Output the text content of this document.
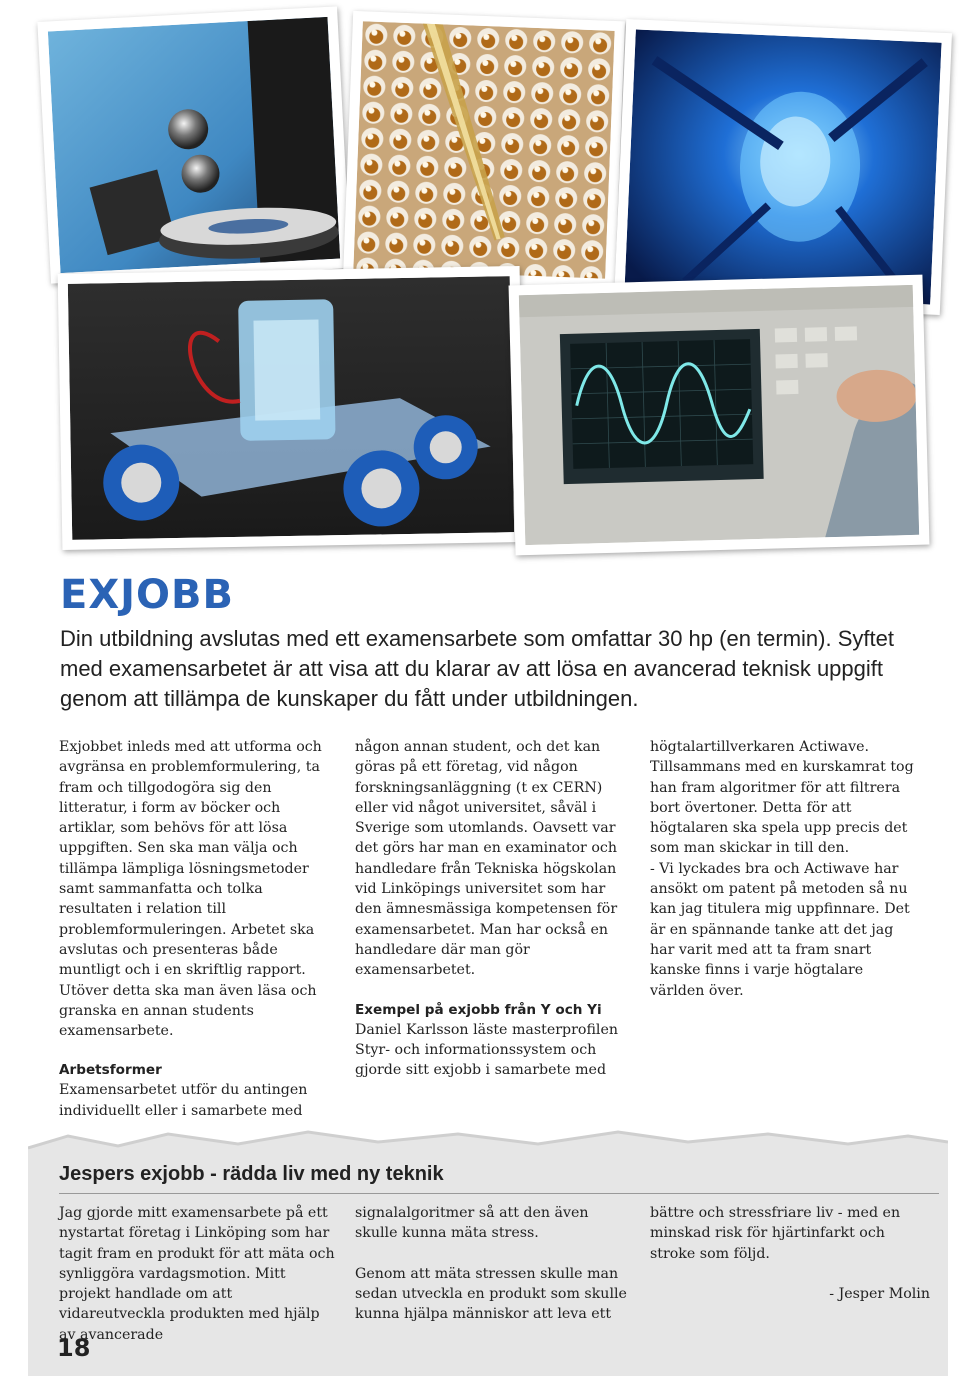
EXJOBB

Din utbildning avslutas med ett examensarbete som omfattar 30 hp (en termin). Syftet med examensarbetet är att visa att du klarar av att lösa en avancerad teknisk uppgift genom att tillämpa de kunskaper du fått under utbildningen.

Exjobbet inleds med att utforma och avgränsa en problemformulering, ta fram och tillgodogöra sig den litteratur, i form av böcker och artiklar, som behövs för att lösa uppgiften. Sen ska man välja och tillämpa lämpliga lösningsmetoder samt sammanfatta och tolka resultaten i relation till problemformuleringen. Arbetet ska avslutas och presenteras både muntligt och i en skriftlig rapport. Utöver detta ska man även läsa och granska en annan students examensarbete.

Arbetsformer

Examensarbetet utför du antingen individuellt eller i samarbete med

någon annan student, och det kan göras på ett företag, vid någon forskningsanläggning (t ex CERN) eller vid något universitet, såväl i Sverige som utomlands. Oavsett var det görs har man en examinator och handledare från Tekniska högskolan vid Linköpings universitet som har den ämnesmässiga kompetensen för examensarbetet. Man har också en handledare där man gör examensarbetet.

Exempel på exjobb från Y och Yi

Daniel Karlsson läste masterprofilen Styr- och informationssystem och gjorde sitt exjobb i samarbete med

högtalartillverkaren Actiwave. Tillsammans med en kurskamrat tog han fram algoritmer för att filtrera bort övertoner. Detta för att högtalaren ska spela upp precis det som man skickar in till den.

- Vi lyckades bra och Actiwave har ansökt om patent på metoden så nu kan jag titulera mig uppfinnare. Det är en spännande tanke att det jag har varit med att ta fram snart kanske finns i varje högtalare världen över.

Jespers exjobb - rädda liv med ny teknik

Jag gjorde mitt examensarbete på ett nystartat företag i Linköping som har tagit fram en produkt för att mäta och synliggöra vardagsmotion. Mitt projekt handlade om att vidareutveckla produkten med hjälp av avancerade

signalalgoritmer så att den även skulle kunna mäta stress.

Genom att mäta stressen skulle man sedan utveckla en produkt som skulle kunna hjälpa människor att leva ett

bättre och stressfriare liv - med en minskad risk för hjärtinfarkt och stroke som följd.

- Jesper Molin

18
